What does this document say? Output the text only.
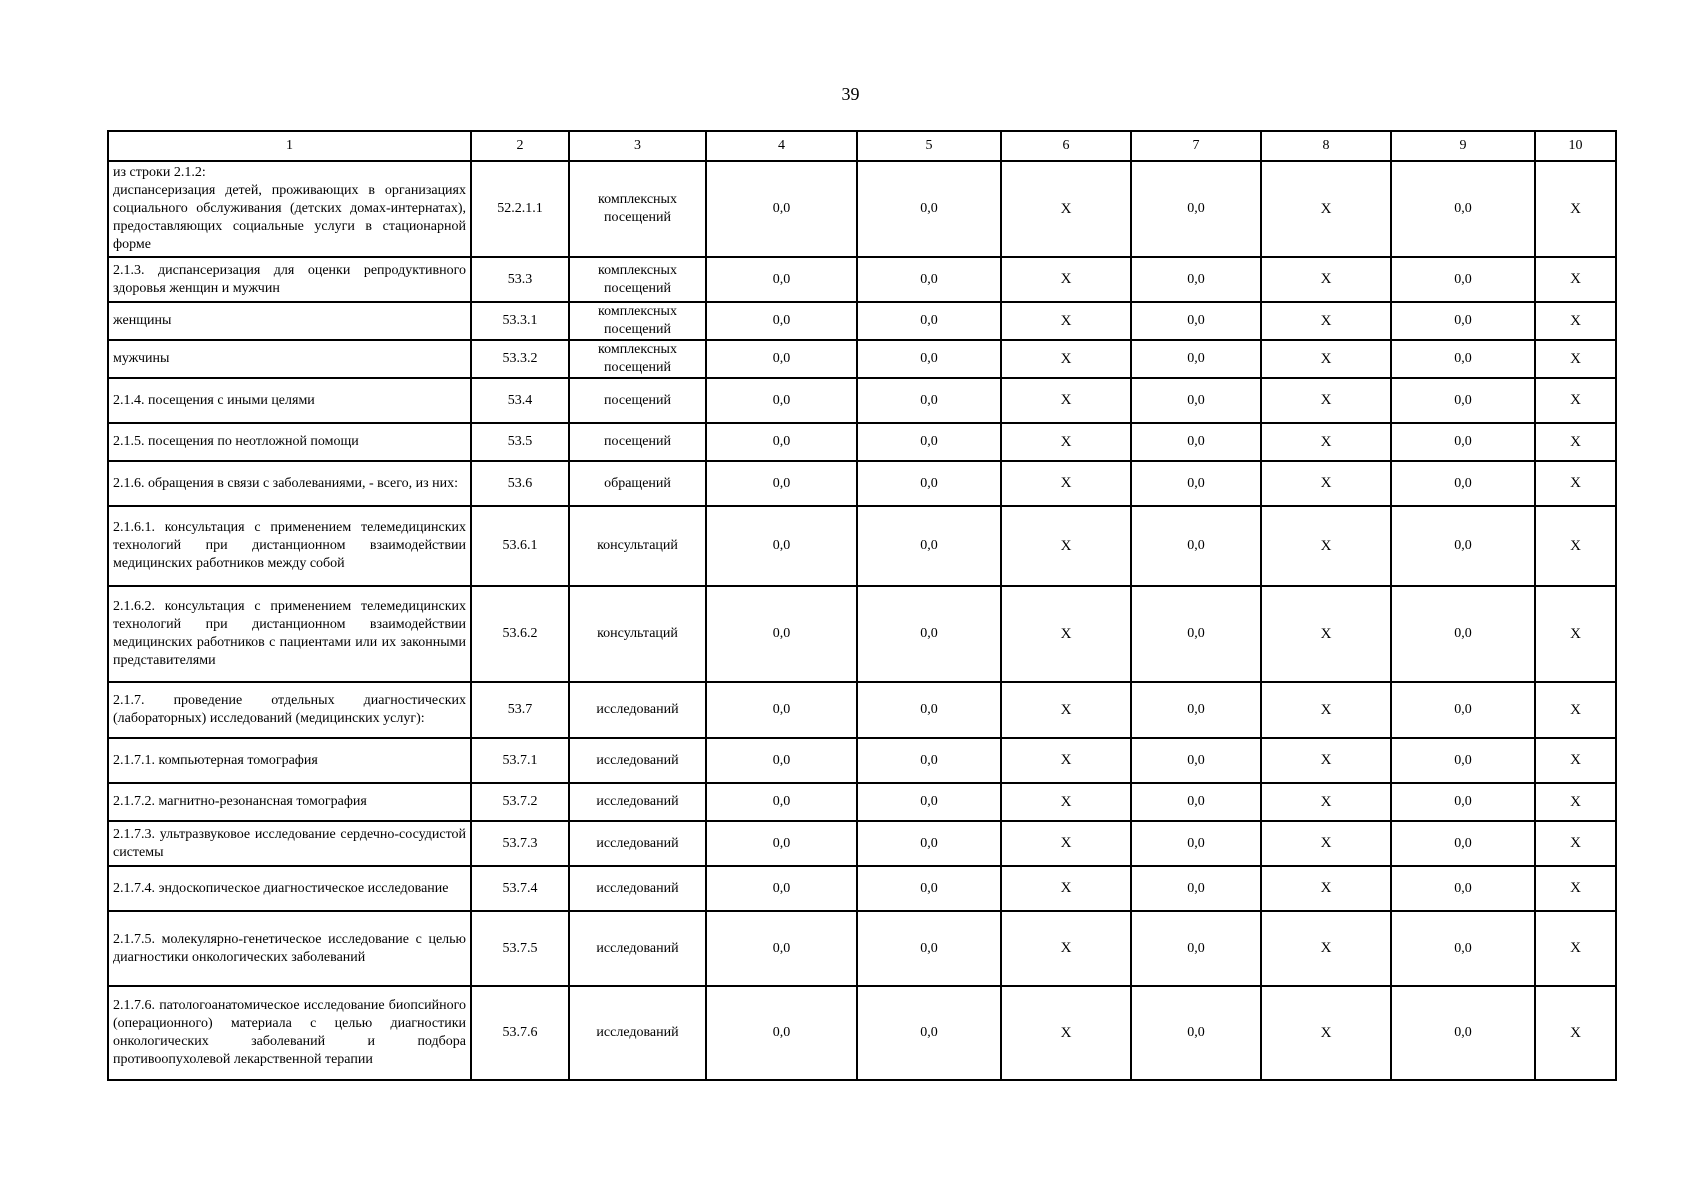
39
1	2	3	4	5	6	7	8	9	10
из строки 2.1.2:
диспансеризация детей, проживающих в организациях социального обслуживания (детских домах-интернатах), предоставляющих социальные услуги в стационарной форме	52.2.1.1	комплексных посещений	0,0	0,0	X	0,0	X	0,0	X
2.1.3. диспансеризация для оценки репродуктивного здоровья женщин и мужчин	53.3	комплексных посещений	0,0	0,0	X	0,0	X	0,0	X
женщины	53.3.1	комплексных посещений	0,0	0,0	X	0,0	X	0,0	X
мужчины	53.3.2	комплексных посещений	0,0	0,0	X	0,0	X	0,0	X
2.1.4. посещения с иными целями	53.4	посещений	0,0	0,0	X	0,0	X	0,0	X
2.1.5. посещения по неотложной помощи	53.5	посещений	0,0	0,0	X	0,0	X	0,0	X
2.1.6. обращения в связи с заболеваниями, - всего, из них:	53.6	обращений	0,0	0,0	X	0,0	X	0,0	X
2.1.6.1. консультация с применением телемедицинских технологий при дистанционном взаимодействии медицинских работников между собой	53.6.1	консультаций	0,0	0,0	X	0,0	X	0,0	X
2.1.6.2. консультация с применением телемедицинских технологий при дистанционном взаимодействии медицинских работников с пациентами или их законными представителями	53.6.2	консультаций	0,0	0,0	X	0,0	X	0,0	X
2.1.7. проведение отдельных диагностических (лабораторных) исследований (медицинских услуг):	53.7	исследований	0,0	0,0	X	0,0	X	0,0	X
2.1.7.1. компьютерная томография	53.7.1	исследований	0,0	0,0	X	0,0	X	0,0	X
2.1.7.2. магнитно-резонансная томография	53.7.2	исследований	0,0	0,0	X	0,0	X	0,0	X
2.1.7.3. ультразвуковое исследование сердечно-сосудистой системы	53.7.3	исследований	0,0	0,0	X	0,0	X	0,0	X
2.1.7.4. эндоскопическое диагностическое исследование	53.7.4	исследований	0,0	0,0	X	0,0	X	0,0	X
2.1.7.5. молекулярно-генетическое исследование с целью диагностики онкологических заболеваний	53.7.5	исследований	0,0	0,0	X	0,0	X	0,0	X
2.1.7.6. патологоанатомическое исследование биопсийного (операционного) материала с целью диагностики онкологических заболеваний и подбора противоопухолевой лекарственной терапии	53.7.6	исследований	0,0	0,0	X	0,0	X	0,0	X
